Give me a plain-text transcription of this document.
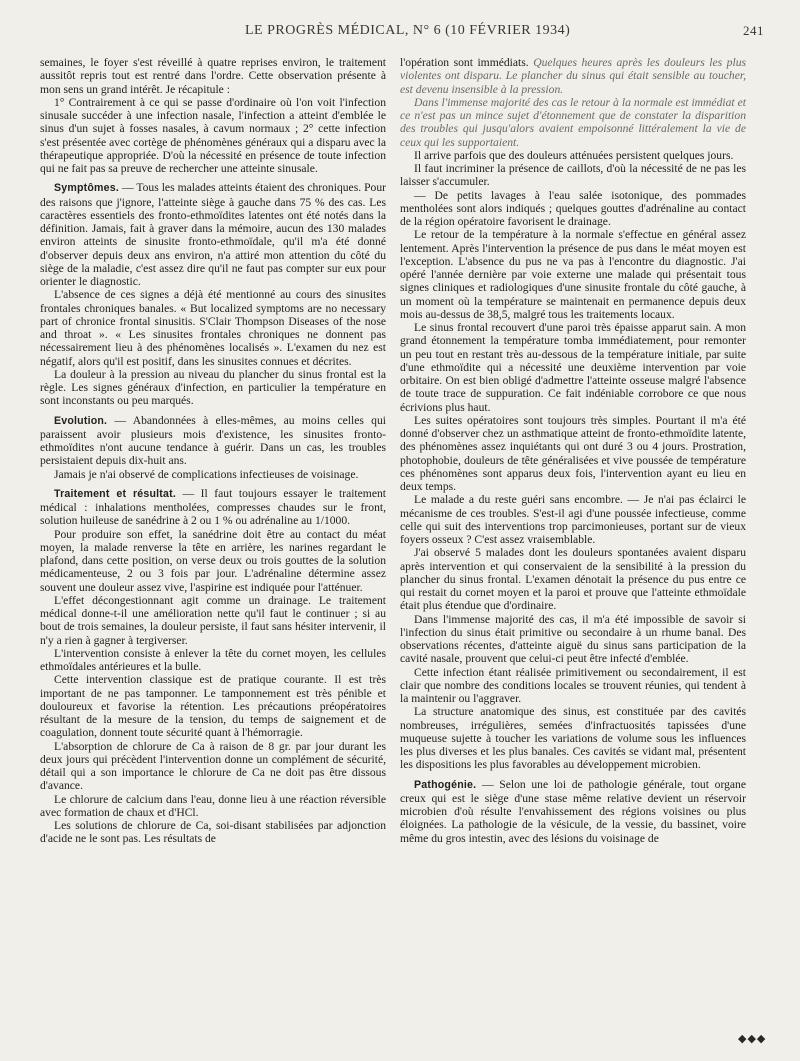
LE PROGRÈS MÉDICAL, N° 6 (10 FÉVRIER 1934)	241

semaines, le foyer s'est réveillé à quatre reprises environ, le traitement aussitôt repris tout est rentré dans l'ordre. Cette observation présente à mon sens un grand intérêt. Je récapitule :

1° Contrairement à ce qui se passe d'ordinaire où l'on voit l'infection sinusale succéder à une infection nasale, l'infection a atteint d'emblée le sinus d'un sujet à fosses nasales, à cavum normaux ; 2° cette infection s'est présentée avec cortège de phénomènes généraux qui a disparu avec la thérapeutique appropriée. D'où la nécessité en présence de toute infection qui ne fait pas sa preuve de rechercher une atteinte sinusale.

Symptômes. — Tous les malades atteints étaient des chroniques. Pour des raisons que j'ignore, l'atteinte siège à gauche dans 75 % des cas. Les caractères essentiels des fronto-ethmoïdites latentes ont été notés dans la définition. Jamais, fait à graver dans la mémoire, aucun des 130 malades environ atteints de sinusite fronto-ethmoïdale, qu'il m'a été donné d'observer depuis deux ans environ, n'a attiré mon attention du côté du siège de la maladie, c'est assez dire qu'il ne faut pas compter sur eux pour orienter le diagnostic.

L'absence de ces signes a déjà été mentionné au cours des sinusites frontales chroniques banales. « But localized symptoms are no necessary part of chronice frontal sinusitis. S'Clair Thompson Diseases of the nose and throat ». « Les sinusites frontales chroniques ne donnent pas nécessairement lieu à des phénomènes localisés ». L'examen du nez est négatif, alors qu'il est positif, dans les sinusites connues et décrites.

La douleur à la pression au niveau du plancher du sinus frontal est la règle. Les signes généraux d'infection, en particulier la température en sont inconstants ou peu marqués.

Evolution. — Abandonnées à elles-mêmes, au moins celles qui paraissent avoir plusieurs mois d'existence, les sinusites fronto-ethmoïdites n'ont aucune tendance à guérir. Dans un cas, les troubles persistaient depuis dix-huit ans.

Jamais je n'ai observé de complications infectieuses de voisinage.

Traitement et résultat. — Il faut toujours essayer le traitement médical : inhalations mentholées, compresses chaudes sur le front, solution huileuse de sanédrine à 2 ou 1 % ou adrénaline au 1/1000.

Pour produire son effet, la sanédrine doit être au contact du méat moyen, la malade renverse la tête en arrière, les narines regardant le plafond, dans cette position, on verse deux ou trois gouttes de la solution médicamenteuse, 2 ou 3 fois par jour. L'adrénaline détermine assez souvent une douleur assez vive, l'aspirine est indiquée pour l'atténuer.

L'effet décongestionnant agit comme un drainage. Le traitement médical donne-t-il une amélioration nette qu'il faut le continuer ; si au bout de trois semaines, la douleur persiste, il faut sans hésiter intervenir, il n'y a rien à gagner à tergiverser.

L'intervention consiste à enlever la tête du cornet moyen, les cellules ethmoïdales antérieures et la bulle.

Cette intervention classique est de pratique courante. Il est très important de ne pas tamponner. Le tamponnement est très pénible et douloureux et favorise la rétention. Les précautions préopératoires résultant de la mesure de la tension, du temps de saignement et de coagulation, donnent toute sécurité quant à l'hémorragie.

L'absorption de chlorure de Ca à raison de 8 gr. par jour durant les deux jours qui précèdent l'intervention donne un complément de sécurité, détail qui a son importance le chlorure de Ca ne doit pas être dissous d'avance.

Le chlorure de calcium dans l'eau, donne lieu à une réaction réversible avec formation de chaux et d'HCl.

Les solutions de chlorure de Ca, soi-disant stabilisées par adjonction d'acide ne le sont pas. Les résultats de

l'opération sont immédiats. Quelques heures après les douleurs les plus violentes ont disparu. Le plancher du sinus qui était sensible au toucher, est devenu insensible à la pression.

Dans l'immense majorité des cas le retour à la normale est immédiat et ce n'est pas un mince sujet d'étonnement que de constater la disparition des troubles qui jusqu'alors avaient empoisonné littéralement la vie de ceux qui les supportaient.

Il arrive parfois que des douleurs atténuées persistent quelques jours.

Il faut incriminer la présence de caillots, d'où la nécessité de ne pas les laisser s'accumuler.

— De petits lavages à l'eau salée isotonique, des pommades mentholées sont alors indiqués ; quelques gouttes d'adrénaline au contact de la région opératoire favorisent le drainage.

Le retour de la température à la normale s'effectue en général assez lentement. Après l'intervention la présence de pus dans le méat moyen est l'exception. L'absence du pus ne va pas à l'encontre du diagnostic. J'ai opéré l'année dernière par voie externe une malade qui présentait tous signes cliniques et radiologiques d'une sinusite frontale du côté gauche, à un moment où la température se maintenait en permanence depuis deux mois au-dessus de 38,5, malgré tous les traitements locaux.

Le sinus frontal recouvert d'une paroi très épaisse apparut sain. A mon grand étonnement la température tomba immédiatement, pour remonter un peu tout en restant très au-dessous de la température initiale, par suite d'une ethmoïdite qui a nécessité une deuxième intervention par voie orbitaire. On est bien obligé d'admettre l'atteinte osseuse malgré l'absence de toute trace de suppuration. Ce fait indéniable corrobore ce que nous écrivions plus haut.

Les suites opératoires sont toujours très simples. Pourtant il m'a été donné d'observer chez un asthmatique atteint de fronto-ethmoïdite latente, des phénomènes assez inquiétants qui ont duré 3 ou 4 jours. Prostration, photophobie, douleurs de tête généralisées et vive poussée de température ces phénomènes sont apparus deux fois, l'intervention ayant eu lieu en deux temps.

Le malade a du reste guéri sans encombre. — Je n'ai pas éclairci le mécanisme de ces troubles. S'est-il agi d'une poussée infectieuse, comme celle qui suit des interventions trop parcimonieuses, portant sur de vieux foyers osseux ? C'est assez vraisemblable.

J'ai observé 5 malades dont les douleurs spontanées avaient disparu après intervention et qui conservaient de la sensibilité à la pression du plancher du sinus frontal. L'examen dénotait la présence du pus entre ce qui restait du cornet moyen et la paroi et prouve que l'atteinte ethmoïdale était plus étendue que d'ordinaire.

Dans l'immense majorité des cas, il m'a été impossible de savoir si l'infection du sinus était primitive ou secondaire à un rhume banal. Des observations récentes, d'atteinte aiguë du sinus sans participation de la cavité nasale, prouvent que celui-ci peut être infecté d'emblée.

Cette infection étant réalisée primitivement ou secondairement, il est clair que nombre des conditions locales se trouvent réunies, qui tendent à la maintenir ou l'aggraver.

La structure anatomique des sinus, est constituée par des cavités nombreuses, irrégulières, semées d'infractuosités tapissées d'une muqueuse sujette à toucher les variations de volume sous les influences les plus diverses et les plus banales. Ces cavités se vidant mal, présentent les dispositions les plus favorables au développement microbien.

Pathogénie. — Selon une loi de pathologie générale, tout organe creux qui est le siège d'une stase même relative devient un réservoir microbien d'où résulte l'envahissement des régions voisines ou plus éloignées. La pathologie de la vésicule, de la vessie, du bassinet, voire même du gros intestin, avec des lésions du voisinage de

◆◆◆
